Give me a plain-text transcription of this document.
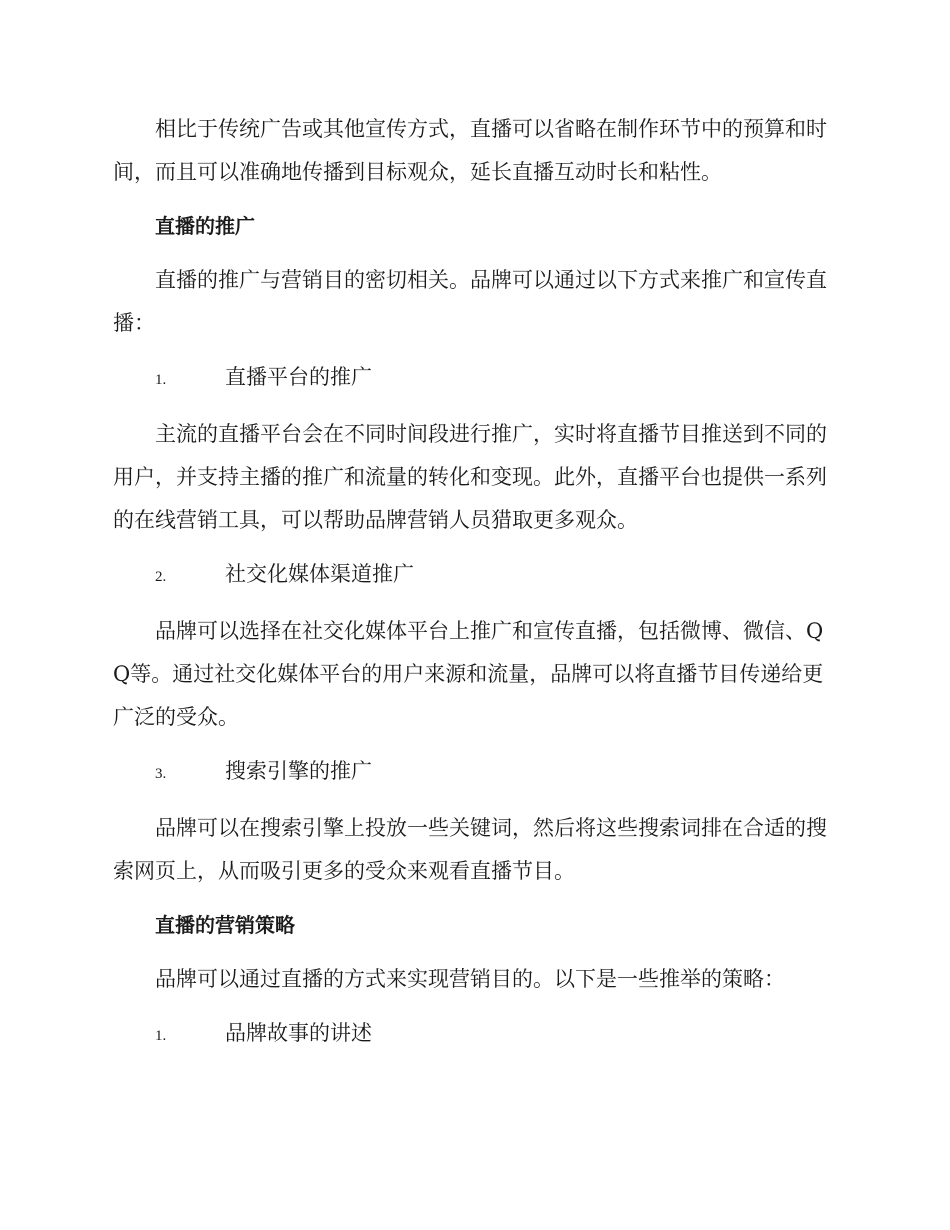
相比于传统广告或其他宣传方式，直播可以省略在制作环节中的预算和时间，而且可以准确地传播到目标观众，延长直播互动时长和粘性。

直播的推广

直播的推广与营销目的密切相关。品牌可以通过以下方式来推广和宣传直播：

1.	直播平台的推广

主流的直播平台会在不同时间段进行推广，实时将直播节目推送到不同的用户，并支持主播的推广和流量的转化和变现。此外，直播平台也提供一系列的在线营销工具，可以帮助品牌营销人员猎取更多观众。

2.	社交化媒体渠道推广

品牌可以选择在社交化媒体平台上推广和宣传直播，包括微博、微信、QQ等。通过社交化媒体平台的用户来源和流量，品牌可以将直播节目传递给更广泛的受众。

3.	搜索引擎的推广

品牌可以在搜索引擎上投放一些关键词，然后将这些搜索词排在合适的搜索网页上，从而吸引更多的受众来观看直播节目。

直播的营销策略

品牌可以通过直播的方式来实现营销目的。以下是一些推举的策略：

1.	品牌故事的讲述
